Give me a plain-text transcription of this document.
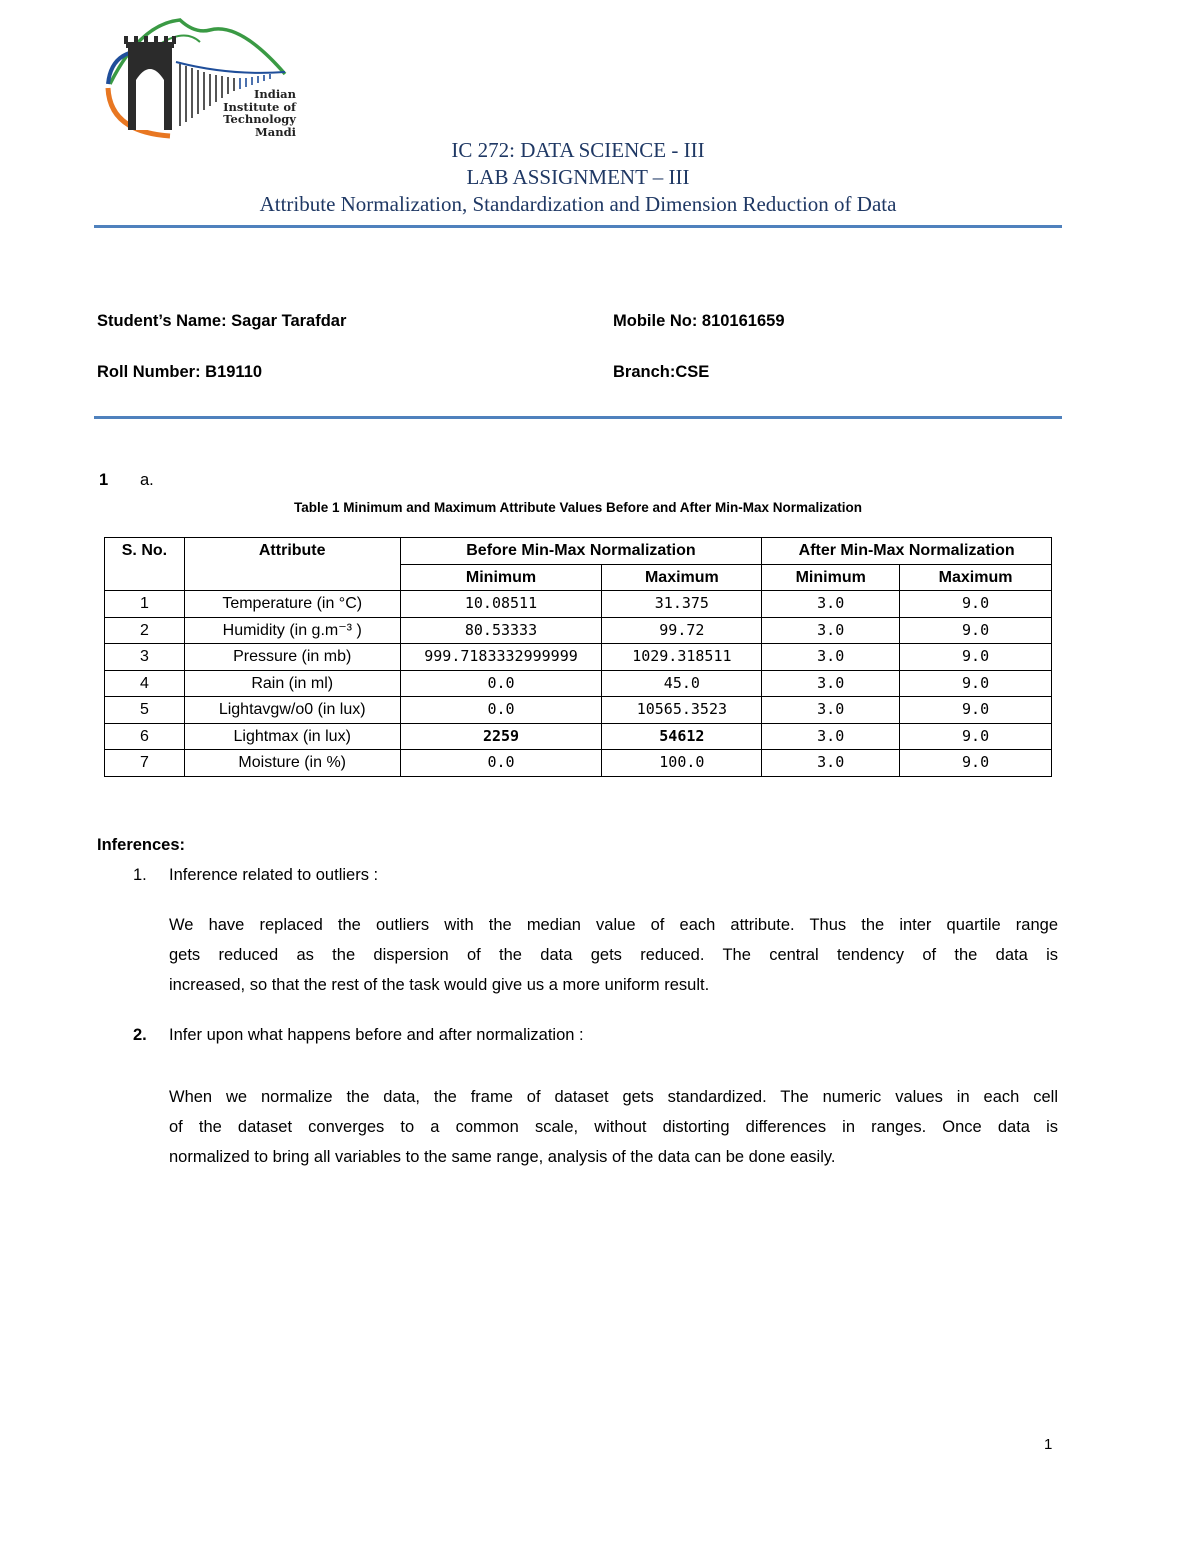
Indian
Institute of
Technology
Mandi
IC 272: DATA SCIENCE - III
LAB ASSIGNMENT – III
Attribute Normalization, Standardization and Dimension Reduction of Data
Student’s Name: Sagar Tarafdar	Mobile No: 810161659
Roll Number: B19110	Branch:CSE
1 a.
Table 1 Minimum and Maximum Attribute Values Before and After Min-Max Normalization
S. No.	Attribute	Before Min-Max Normalization		After Min-Max Normalization	
		Minimum	Maximum	Minimum	Maximum
1	Temperature (in °C)	10.08511	31.375	3.0	9.0
2	Humidity (in g.m⁻³ )	80.53333	99.72	3.0	9.0
3	Pressure (in mb)	999.7183332999999	1029.318511	3.0	9.0
4	Rain (in ml)	0.0	45.0	3.0	9.0
5	Lightavgw/o0 (in lux)	0.0	10565.3523	3.0	9.0
6	Lightmax (in lux)	2259	54612	3.0	9.0
7	Moisture (in %)	0.0	100.0	3.0	9.0
Inferences:
1. Inference related to outliers :
We have replaced the outliers with the median value of each attribute. Thus the inter quartile range
gets reduced as the dispersion of the data gets reduced. The central tendency of the data is
increased, so that the rest of the task would give us a more uniform result.
2. Infer upon what happens before and after normalization :
When we normalize the data, the frame of dataset gets standardized. The numeric values in each cell
of the dataset converges to a common scale, without distorting differences in ranges. Once data is
normalized to bring all variables to the same range, analysis of the data can be done easily.
1
